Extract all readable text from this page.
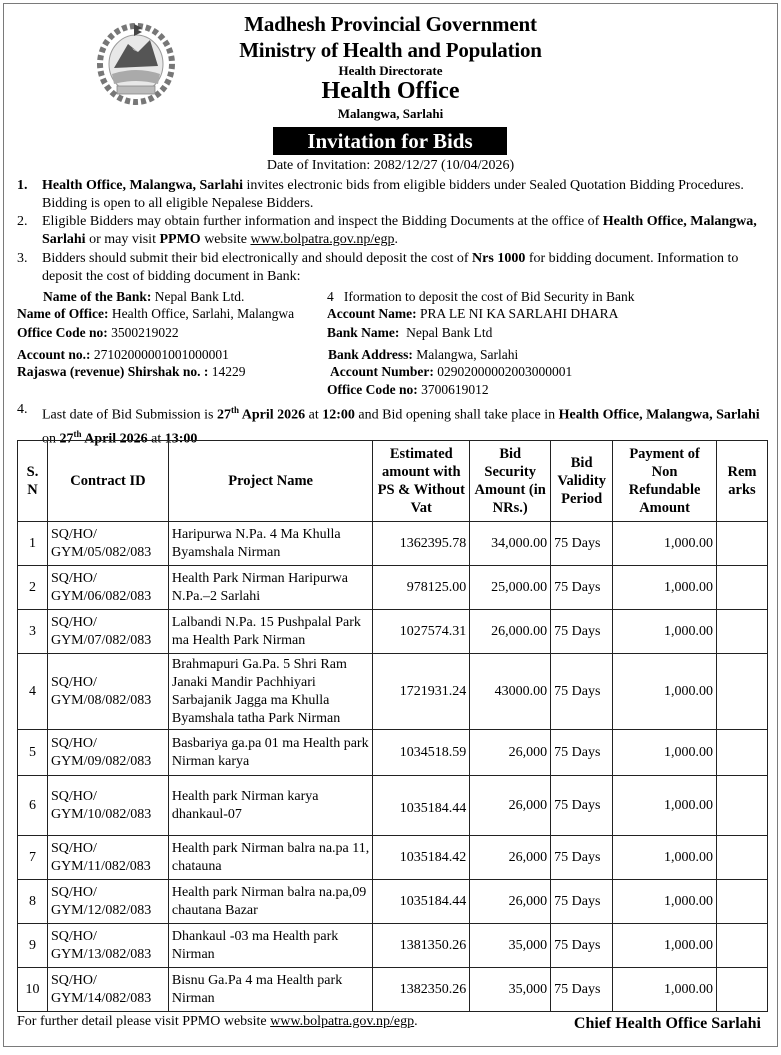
Madhesh Provincial Government
Ministry of Health and Population
Health Directorate
Health Office
Malangwa, Sarlahi
Invitation for Bids
Date of Invitation: 2082/12/27 (10/04/2026)
1. Health Office, Malangwa, Sarlahi invites electronic bids from eligible bidders under Sealed Quotation Bidding Procedures. Bidding is open to all eligible Nepalese Bidders.
2. Eligible Bidders may obtain further information and inspect the Bidding Documents at the office of Health Office, Malangwa, Sarlahi or may visit PPMO website www.bolpatra.gov.np/egp.
3. Bidders should submit their bid electronically and should deposit the cost of Nrs 1000 for bidding document. Information to deposit the cost of bidding document in Bank:
Name of the Bank: Nepal Bank Ltd.
Name of Office: Health Office, Sarlahi, Malangwa
Office Code no: 3500219022
Account no.: 27102000001001000001
Rajaswa (revenue) Shirshak no. : 14229
4   Iformation to deposit the cost of Bid Security in Bank
Account Name: PRA LE NI KA SARLAHI DHARA
Bank Name:  Nepal Bank Ltd
Bank Address: Malangwa, Sarlahi
Account Number: 02902000002003000001
Office Code no: 3700619012
4. Last date of Bid Submission is 27th April 2026 at 12:00 and Bid opening shall take place in Health Office, Malangwa, Sarlahi on 27th April 2026 at 13:00
S. N	Contract ID	Project Name	Estimated amount with PS & Without Vat	Bid Security Amount (in NRs.)	Bid Validity Period	Payment of Non Refundable Amount	Rem arks
1	SQ/HO/
GYM/05/082/083	Haripurwa N.Pa. 4 Ma Khulla Byamshala Nirman	1362395.78	34,000.00	75 Days	1,000.00	
2	SQ/HO/
GYM/06/082/083	Health Park Nirman Haripurwa N.Pa.–2 Sarlahi	978125.00	25,000.00	75 Days	1,000.00	
3	SQ/HO/
GYM/07/082/083	Lalbandi N.Pa. 15 Pushpalal Park ma Health Park Nirman	1027574.31	26,000.00	75 Days	1,000.00	
4	SQ/HO/
GYM/08/082/083	Brahmapuri Ga.Pa. 5 Shri Ram Janaki Mandir Pachhiyari Sarbajanik Jagga ma Khulla Byamshala tatha Park Nirman	1721931.24	43000.00	75 Days	1,000.00	
5	SQ/HO/
GYM/09/082/083	Basbariya ga.pa 01 ma Health park Nirman karya	1034518.59	26,000	75 Days	1,000.00	
6	SQ/HO/
GYM/10/082/083	Health park Nirman karya dhankaul-07	1035184.44	26,000	75 Days	1,000.00	
7	SQ/HO/
GYM/11/082/083	Health park Nirman balra na.pa 11, chatauna	1035184.42	26,000	75 Days	1,000.00	
8	SQ/HO/
GYM/12/082/083	Health park Nirman balra na.pa,09 chautana Bazar	1035184.44	26,000	75 Days	1,000.00	
9	SQ/HO/
GYM/13/082/083	Dhankaul -03 ma Health park Nirman	1381350.26	35,000	75 Days	1,000.00	
10	SQ/HO/
GYM/14/082/083	Bisnu Ga.Pa 4 ma Health park Nirman	1382350.26	35,000	75 Days	1,000.00	
For further detail please visit PPMO website www.bolpatra.gov.np/egp.	Chief Health Office Sarlahi
